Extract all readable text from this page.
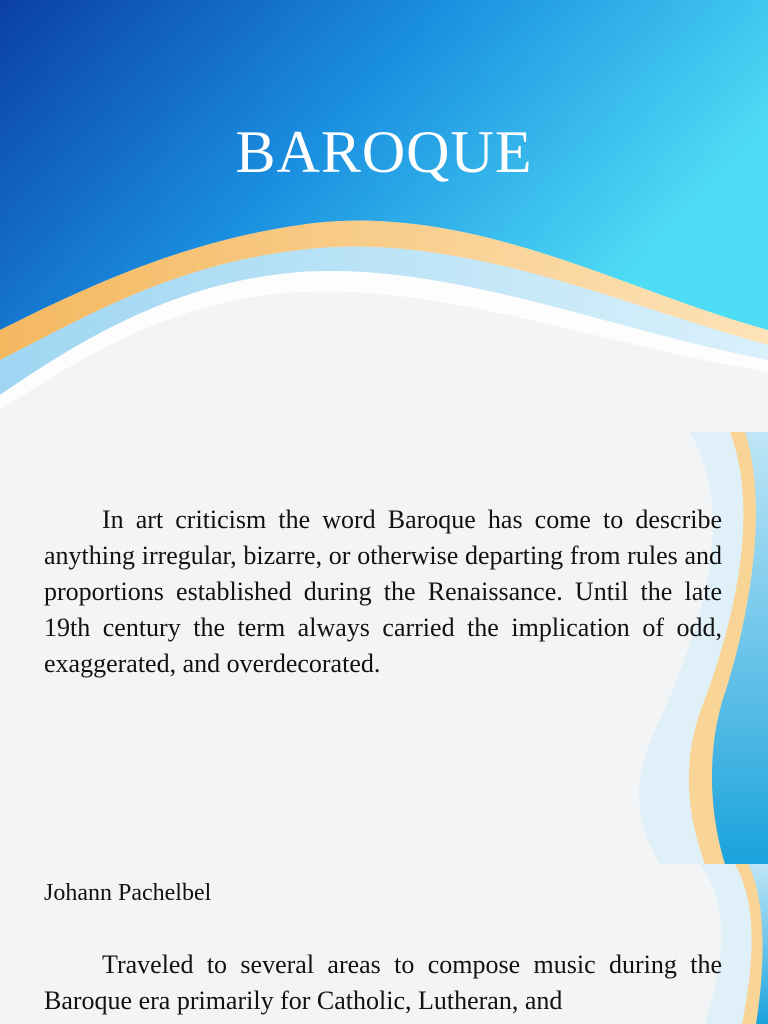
BAROQUE

In art criticism the word Baroque has come to describe anything irregular, bizarre, or otherwise departing from rules and proportions established during the Renaissance. Until the late 19th century the term always carried the implication of odd, exaggerated, and overdecorated.

Johann Pachelbel

Traveled to several areas to compose music during the Baroque era primarily for Catholic, Lutheran, and
